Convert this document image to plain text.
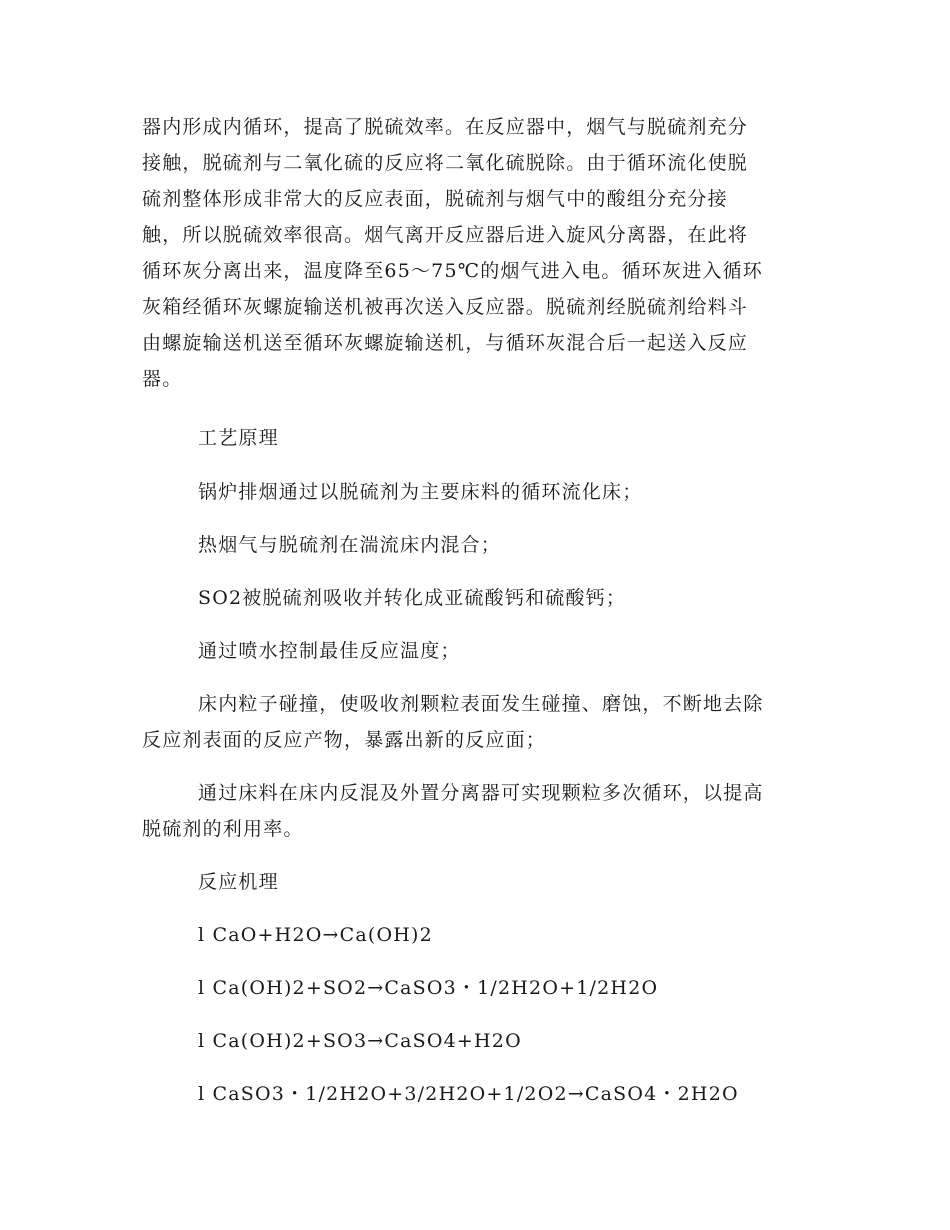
器内形成内循环，提高了脱硫效率。在反应器中，烟气与脱硫剂充分

接触，脱硫剂与二氧化硫的反应将二氧化硫脱除。由于循环流化使脱

硫剂整体形成非常大的反应表面，脱硫剂与烟气中的酸组分充分接

触，所以脱硫效率很高。烟气离开反应器后进入旋风分离器，在此将

循环灰分离出来，温度降至65～75℃的烟气进入电。循环灰进入循环

灰箱经循环灰螺旋输送机被再次送入反应器。脱硫剂经脱硫剂给料斗

由螺旋输送机送至循环灰螺旋输送机，与循环灰混合后一起送入反应

器。

工艺原理

锅炉排烟通过以脱硫剂为主要床料的循环流化床；

热烟气与脱硫剂在湍流床内混合；

SO2被脱硫剂吸收并转化成亚硫酸钙和硫酸钙；

通过喷水控制最佳反应温度；

床内粒子碰撞，使吸收剂颗粒表面发生碰撞、磨蚀，不断地去除

反应剂表面的反应产物，暴露出新的反应面；

通过床料在床内反混及外置分离器可实现颗粒多次循环，以提高

脱硫剂的利用率。

反应机理

l CaO+H2O→Ca(OH)2

l Ca(OH)2+SO2→CaSO3・1/2H2O+1/2H2O

l Ca(OH)2+SO3→CaSO4+H2O

l CaSO3・1/2H2O+3/2H2O+1/2O2→CaSO4・2H2O
